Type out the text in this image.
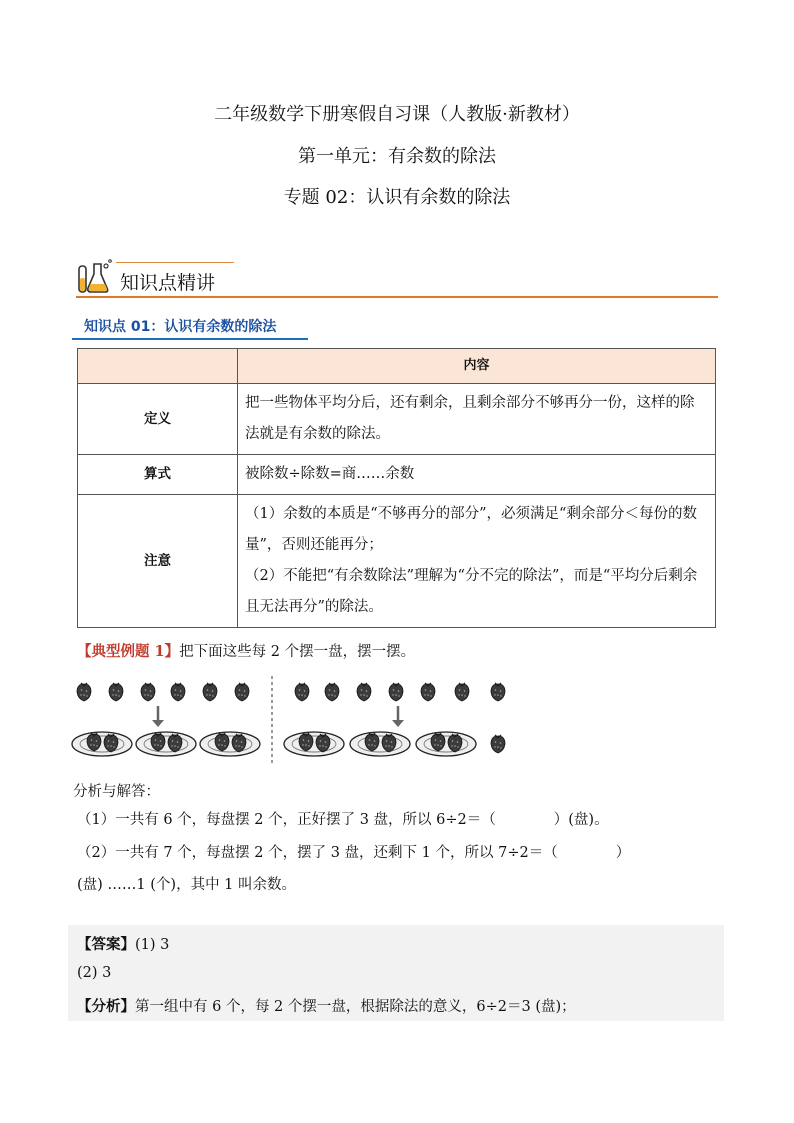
二年级数学下册寒假自习课（人教版·新教材）
第一单元：有余数的除法
专题 02：认识有余数的除法
知识点精讲
知识点 01：认识有余数的除法
	内容
定义	把一些物体平均分后，还有剩余，且剩余部分不够再分一份，这样的除法就是有余数的除法。
算式	被除数÷除数=商……余数
注意	（1）余数的本质是“不够再分的部分”，必须满足“剩余部分＜每份的数量”，否则还能再分；
（2）不能把“有余数除法”理解为“分不完的除法”，而是“平均分后剩余且无法再分”的除法。
【典型例题 1】把下面这些每 2 个摆一盘，摆一摆。
分析与解答：
（1）一共有 6 个，每盘摆 2 个，正好摆了 3 盘，所以 6÷2＝（　　　　）(盘)。
（2）一共有 7 个，每盘摆 2 个，摆了 3 盘，还剩下 1 个，所以 7÷2＝（　　　　）
(盘) ……1 (个)，其中 1 叫余数。
【答案】(1) 3
(2) 3
【分析】第一组中有 6 个，每 2 个摆一盘，根据除法的意义，6÷2＝3 (盘)；
